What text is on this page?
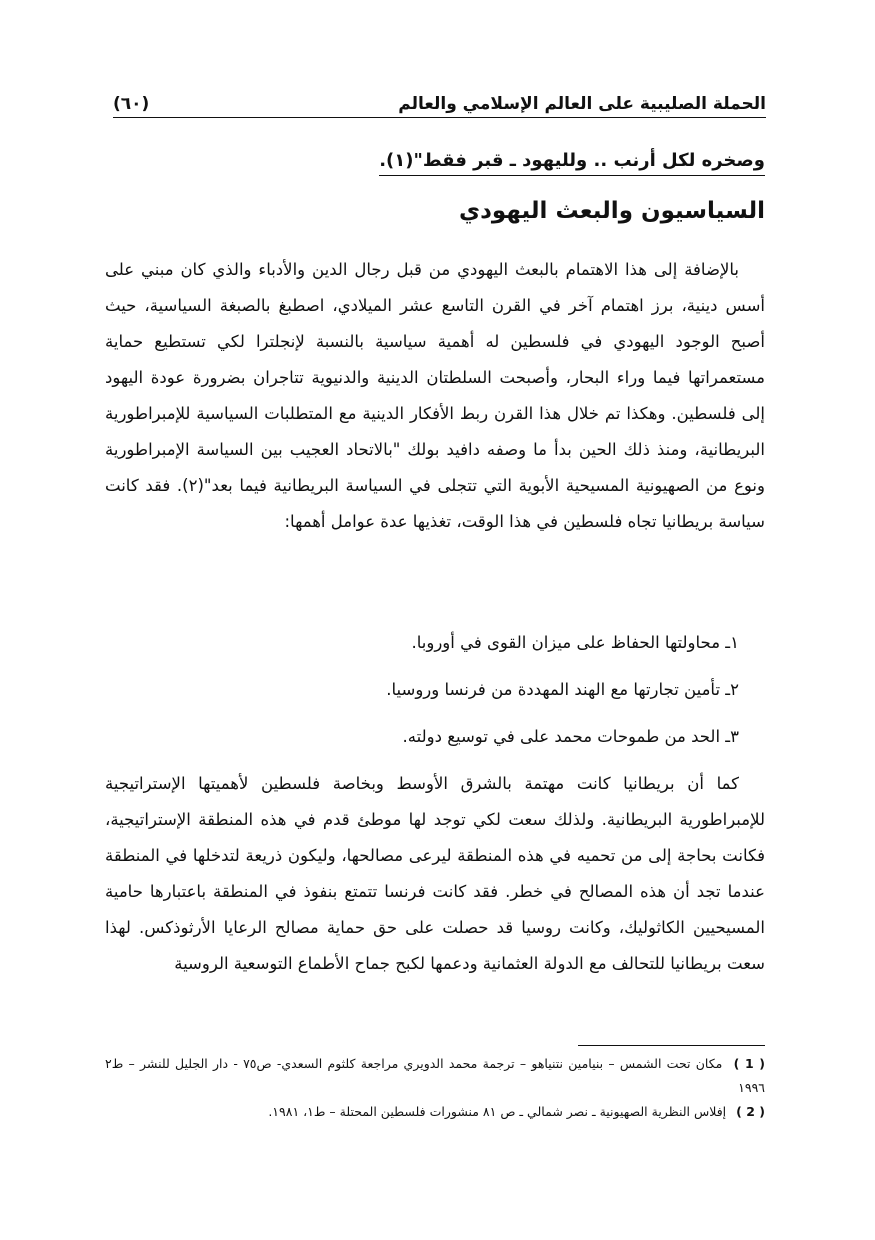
الحملة الصليبية على العالم الإسلامي والعالم
(٦٠)
وصخره لكل أرنب .. ولليهود ـ قبر فقط"(١).
السياسيون والبعث اليهودي

بالإضافة إلى هذا الاهتمام بالبعث اليهودي من قبل رجال الدين والأدباء والذي كان مبني على أسس دينية، برز اهتمام آخر في القرن التاسع عشر الميلادي، اصطبغ بالصبغة السياسية، حيث أصبح الوجود اليهودي في فلسطين له أهمية سياسية بالنسبة لإنجلترا لكي تستطيع حماية مستعمراتها فيما وراء البحار، وأصبحت السلطتان الدينية والدنيوية تتاجران بضرورة عودة اليهود إلى فلسطين. وهكذا تم خلال هذا القرن ربط الأفكار الدينية مع المتطلبات السياسية للإمبراطورية البريطانية، ومنذ ذلك الحين بدأ ما وصفه دافيد بولك "بالاتحاد العجيب بين السياسة الإمبراطورية ونوع من الصهيونية المسيحية الأبوية التي تتجلى في السياسة البريطانية فيما بعد"(٢). فقد كانت سياسة بريطانيا تجاه فلسطين في هذا الوقت، تغذيها عدة عوامل أهمها:

١ـ محاولتها الحفاظ على ميزان القوى في أوروبا.
٢ـ تأمين تجارتها مع الهند المهددة من فرنسا وروسيا.
٣ـ الحد من طموحات محمد على في توسيع دولته.

كما أن بريطانيا كانت مهتمة بالشرق الأوسط وبخاصة فلسطين لأهميتها الإستراتيجية للإمبراطورية البريطانية. ولذلك سعت لكي توجد لها موطئ قدم في هذه المنطقة الإستراتيجية، فكانت بحاجة إلى من تحميه في هذه المنطقة ليرعى مصالحها، وليكون ذريعة لتدخلها في المنطقة عندما تجد أن هذه المصالح في خطر. فقد كانت فرنسا تتمتع بنفوذ في المنطقة باعتبارها حامية المسيحيين الكاثوليك، وكانت روسيا قد حصلت على حق حماية مصالح الرعايا الأرثوذكس. لهذا سعت بريطانيا للتحالف مع الدولة العثمانية ودعمها لكبح جماح الأطماع التوسعية الروسية

( 1 ) مكان تحت الشمس – بنيامين نتنياهو – ترجمة محمد الدويري مراجعة كلثوم السعدي- ص٧٥ - دار الجليل للنشر – ط٢ ١٩٩٦

( 2 ) إفلاس النظرية الصهيونية ـ نصر شمالي ـ ص ٨١ منشورات فلسطين المحتلة – ط١، ١٩٨١.
